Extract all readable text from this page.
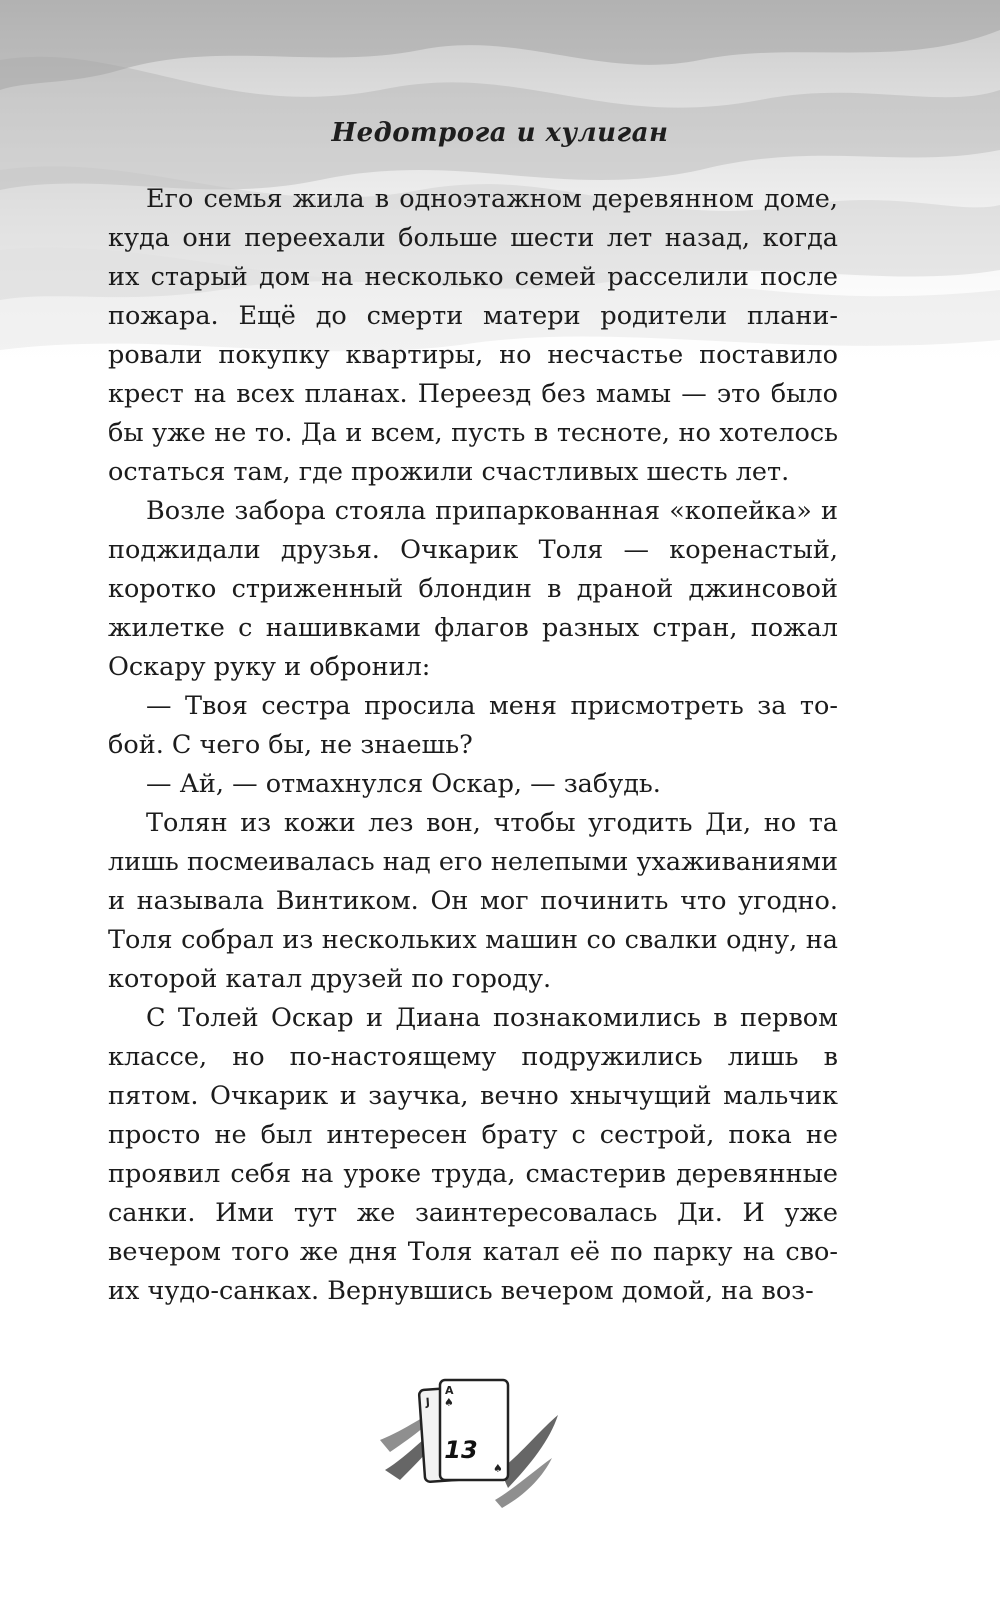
Недотрога и хулиган

Его семья жила в одноэтажном деревянном доме, куда они переехали больше шести лет назад, когда их старый дом на несколько семей расселили после пожара. Ещё до смерти матери родители планировали покупку квартиры, но несчастье поставило крест на всех планах. Переезд без мамы — это было бы уже не то. Да и всем, пусть в тесноте, но хотелось остаться там, где прожили счастливых шесть лет.

Возле забора стояла припаркованная «копейка» и поджидали друзья. Очкарик Толя — коренастый, коротко стриженный блондин в драной джинсовой жилетке с нашивками флагов разных стран, пожал Оскару руку и обронил:

— Твоя сестра просила меня присмотреть за тобой. С чего бы, не знаешь?

— Ай, — отмахнулся Оскар, — забудь.

Толян из кожи лез вон, чтобы угодить Ди, но та лишь посмеивалась над его нелепыми ухаживаниями и называла Винтиком. Он мог починить что угодно. Толя собрал из нескольких машин со свалки одну, на которой катал друзей по городу.

С Толей Оскар и Диана познакомились в первом классе, но по-настоящему подружились лишь в пятом. Очкарик и заучка, вечно хнычущий мальчик просто не был интересен брату с сестрой, пока не проявил себя на уроке труда, смастерив деревянные санки. Ими тут же заинтересовалась Ди. И уже вечером того же дня Толя катал её по парку на своих чудо-санках. Вернувшись вечером домой, на воз-

J
A
♠
♠
13
